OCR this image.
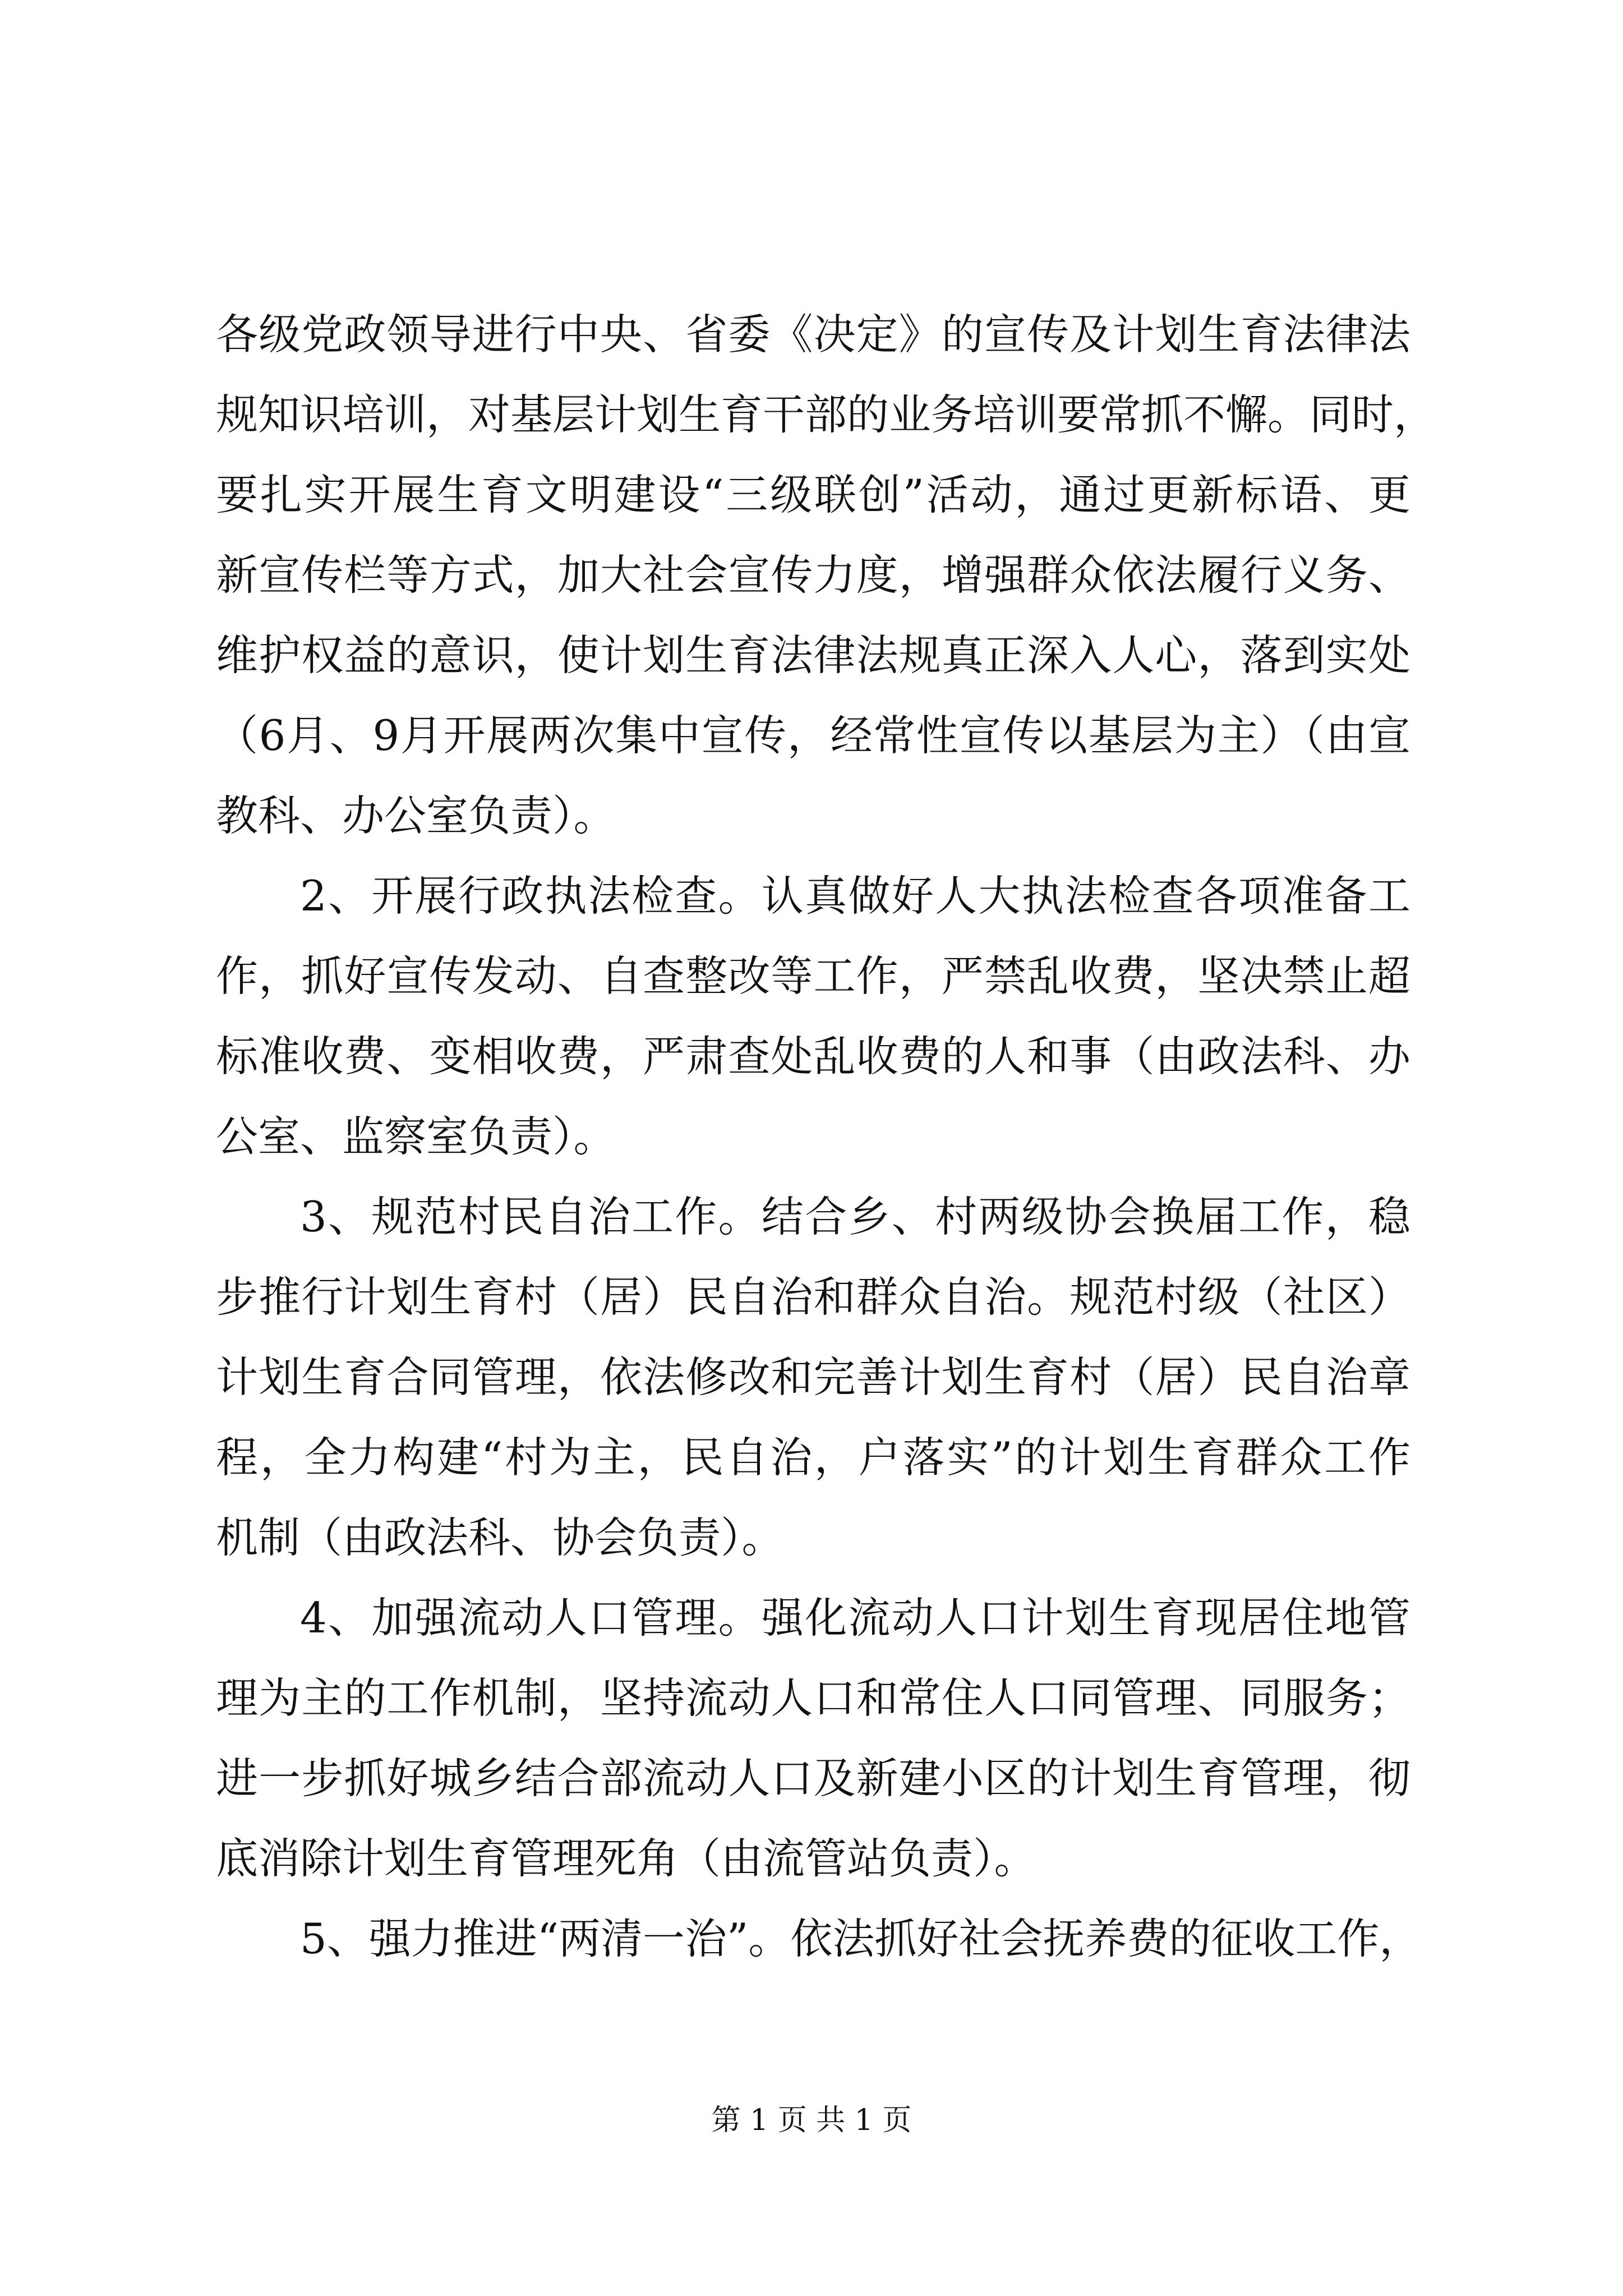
各级党政领导进行中央、省委《决定》的宣传及计划生育法律法
规知识培训，对基层计划生育干部的业务培训要常抓不懈。同时，
要扎实开展生育文明建设“三级联创”活动，通过更新标语、更
新宣传栏等方式，加大社会宣传力度，增强群众依法履行义务、
维护权益的意识，使计划生育法律法规真正深入人心，落到实处
（6月、9月开展两次集中宣传，经常性宣传以基层为主）（由宣
教科、办公室负责）。
2、开展行政执法检查。认真做好人大执法检查各项准备工
作，抓好宣传发动、自查整改等工作，严禁乱收费，坚决禁止超
标准收费、变相收费，严肃查处乱收费的人和事（由政法科、办
公室、监察室负责）。
3、规范村民自治工作。结合乡、村两级协会换届工作，稳
步推行计划生育村（居）民自治和群众自治。规范村级（社区）
计划生育合同管理，依法修改和完善计划生育村（居）民自治章
程，全力构建“村为主，民自治，户落实”的计划生育群众工作
机制（由政法科、协会负责）。
4、加强流动人口管理。强化流动人口计划生育现居住地管
理为主的工作机制，坚持流动人口和常住人口同管理、同服务；
进一步抓好城乡结合部流动人口及新建小区的计划生育管理，彻
底消除计划生育管理死角（由流管站负责）。
5、强力推进“两清一治”。依法抓好社会抚养费的征收工作，
第 1 页 共 1 页
